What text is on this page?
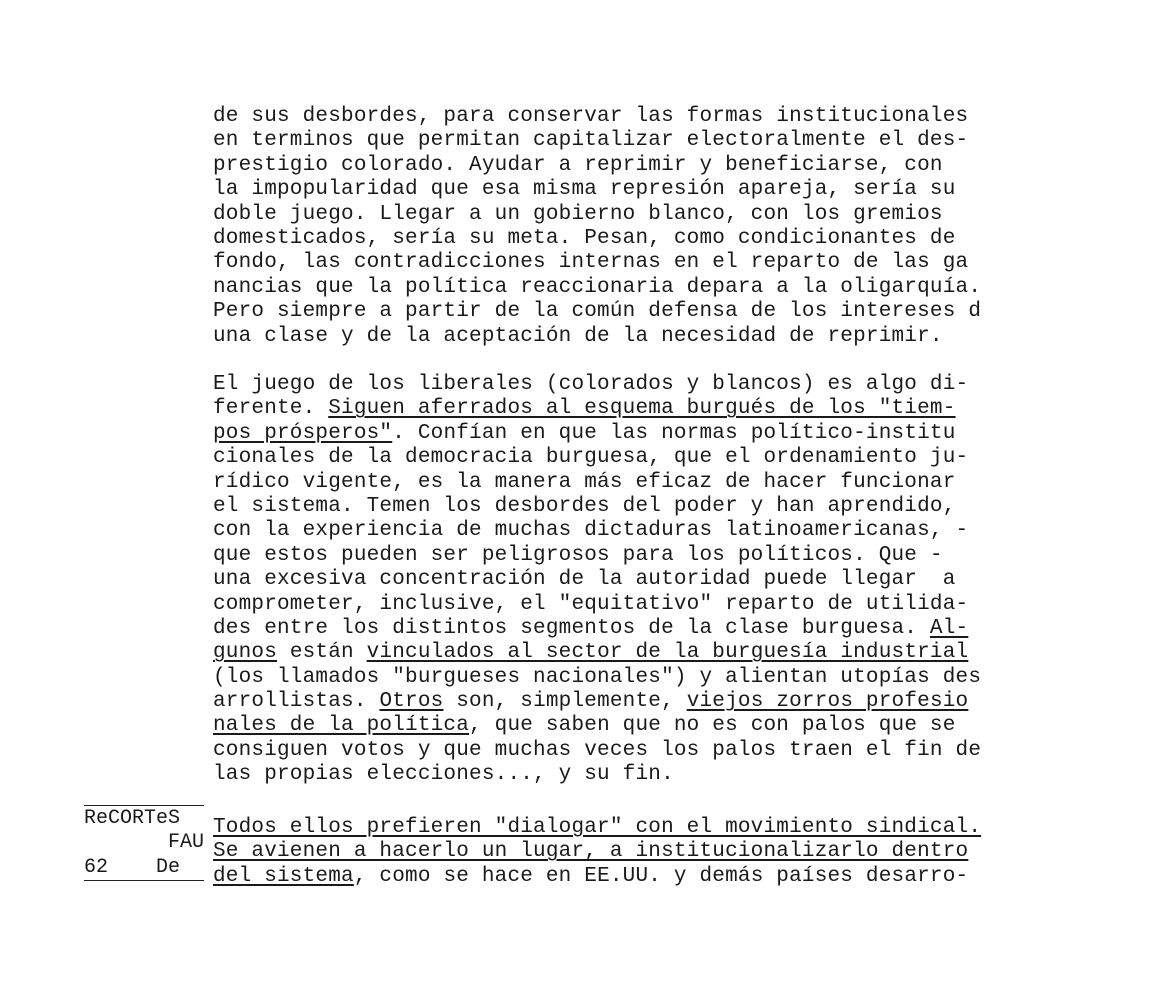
de sus desbordes, para conservar las formas institucionales
en terminos que permitan capitalizar electoralmente el des-
prestigio colorado. Ayudar a reprimir y beneficiarse, con
la impopularidad que esa misma represión apareja, sería su
doble juego. Llegar a un gobierno blanco, con los gremios
domesticados, sería su meta. Pesan, como condicionantes de
fondo, las contradicciones internas en el reparto de las ga
nancias que la política reaccionaria depara a la oligarquía.
Pero siempre a partir de la común defensa de los intereses d
una clase y de la aceptación de la necesidad de reprimir.
El juego de los liberales (colorados y blancos) es algo di-
ferente. Siguen aferrados al esquema burgués de los "tiem-
pos prósperos". Confían en que las normas político-institu
cionales de la democracia burguesa, que el ordenamiento ju-
rídico vigente, es la manera más eficaz de hacer funcionar
el sistema. Temen los desbordes del poder y han aprendido,
con la experiencia de muchas dictaduras latinoamericanas, -
que estos pueden ser peligrosos para los políticos. Que -
una excesiva concentración de la autoridad puede llegar  a
comprometer, inclusive, el "equitativo" reparto de utilida-
des entre los distintos segmentos de la clase burguesa. Al-
gunos están vinculados al sector de la burguesía industrial
(los llamados "burgueses nacionales") y alientan utopías des
arrollistas. Otros son, simplemente, viejos zorros profesio
nales de la política, que saben que no es con palos que se
consiguen votos y que muchas veces los palos traen el fin de
las propias elecciones..., y su fin.
Todos ellos prefieren "dialogar" con el movimiento sindical.
Se avienen a hacerlo un lugar, a institucionalizarlo dentro
del sistema, como se hace en EE.UU. y demás países desarro-
ReCORTeS

De

FAU

62
